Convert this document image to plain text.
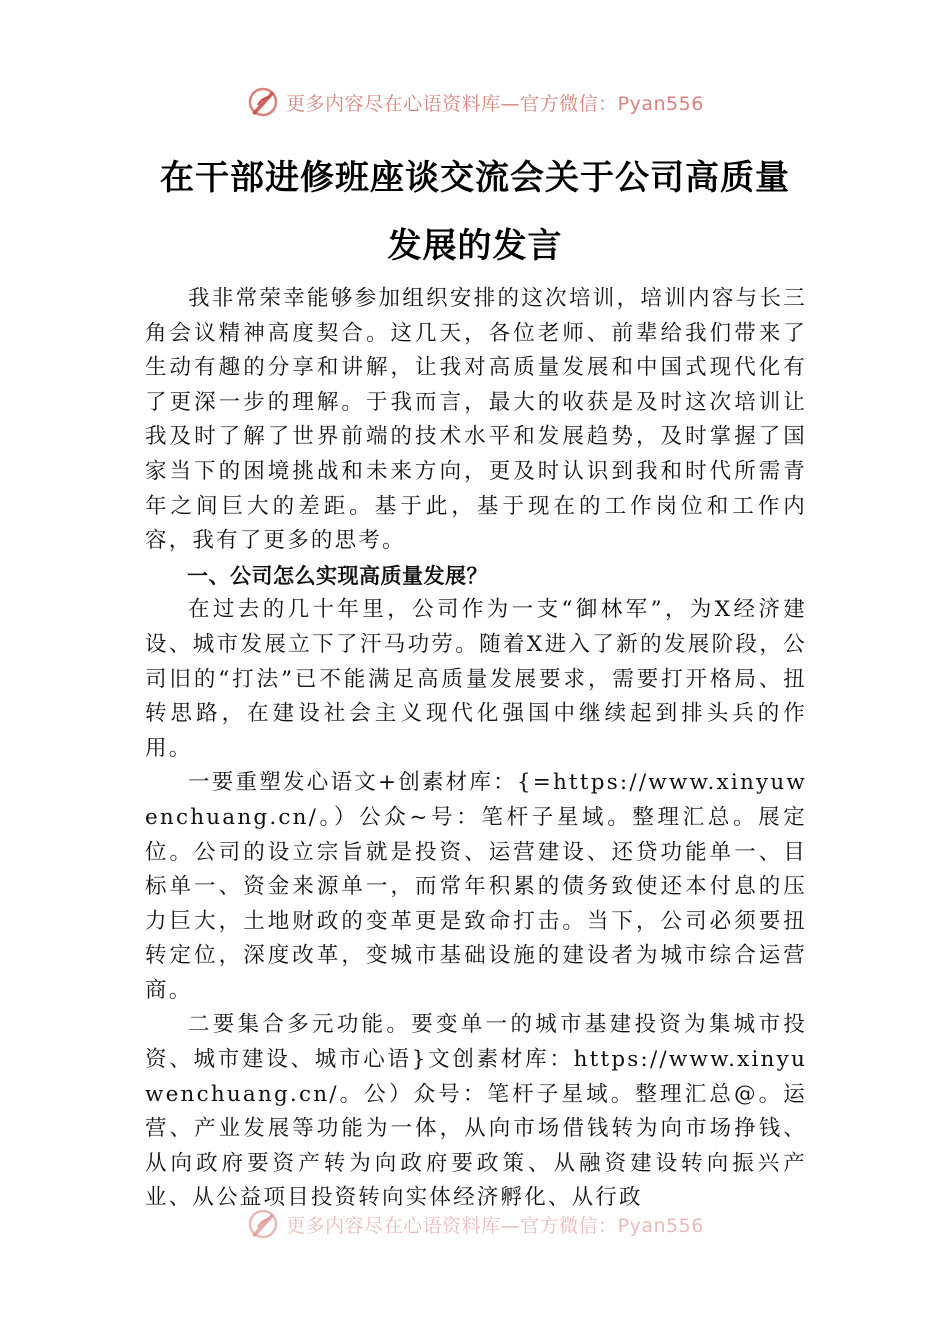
更多内容尽在心语资料库—官方微信：Pyan556
在干部进修班座谈交流会关于公司高质量
发展的发言

我非常荣幸能够参加组织安排的这次培训，培训内容与长三角会议精神高度契合。这几天，各位老师、前辈给我们带来了生动有趣的分享和讲解，让我对高质量发展和中国式现代化有了更深一步的理解。于我而言，最大的收获是及时这次培训让我及时了解了世界前端的技术水平和发展趋势，及时掌握了国家当下的困境挑战和未来方向，更及时认识到我和时代所需青年之间巨大的差距。基于此，基于现在的工作岗位和工作内容，我有了更多的思考。

一、公司怎么实现高质量发展？

在过去的几十年里，公司作为一支“御林军”，为X经济建设、城市发展立下了汗马功劳。随着X进入了新的发展阶段，公司旧的“打法”已不能满足高质量发展要求，需要打开格局、扭转思路，在建设社会主义现代化强国中继续起到排头兵的作用。

一要重塑发心语文+创素材库：{=https://www.xinyuwenchuang.cn/。）公众~号：笔杆子星域。整理汇总。展定位。公司的设立宗旨就是投资、运营建设、还贷功能单一、目标单一、资金来源单一，而常年积累的债务致使还本付息的压力巨大，土地财政的变革更是致命打击。当下，公司必须要扭转定位，深度改革，变城市基础设施的建设者为城市综合运营商。

二要集合多元功能。要变单一的城市基建投资为集城市投资、城市建设、城市心语}文创素材库：https://www.xinyuwenchuang.cn/。公）众号：笔杆子星域。整理汇总@。运营、产业发展等功能为一体，从向市场借钱转为向市场挣钱、从向政府要资产转为向政府要政策、从融资建设转向振兴产业、从公益项目投资转向实体经济孵化、从行政

更多内容尽在心语资料库—官方微信：Pyan556
